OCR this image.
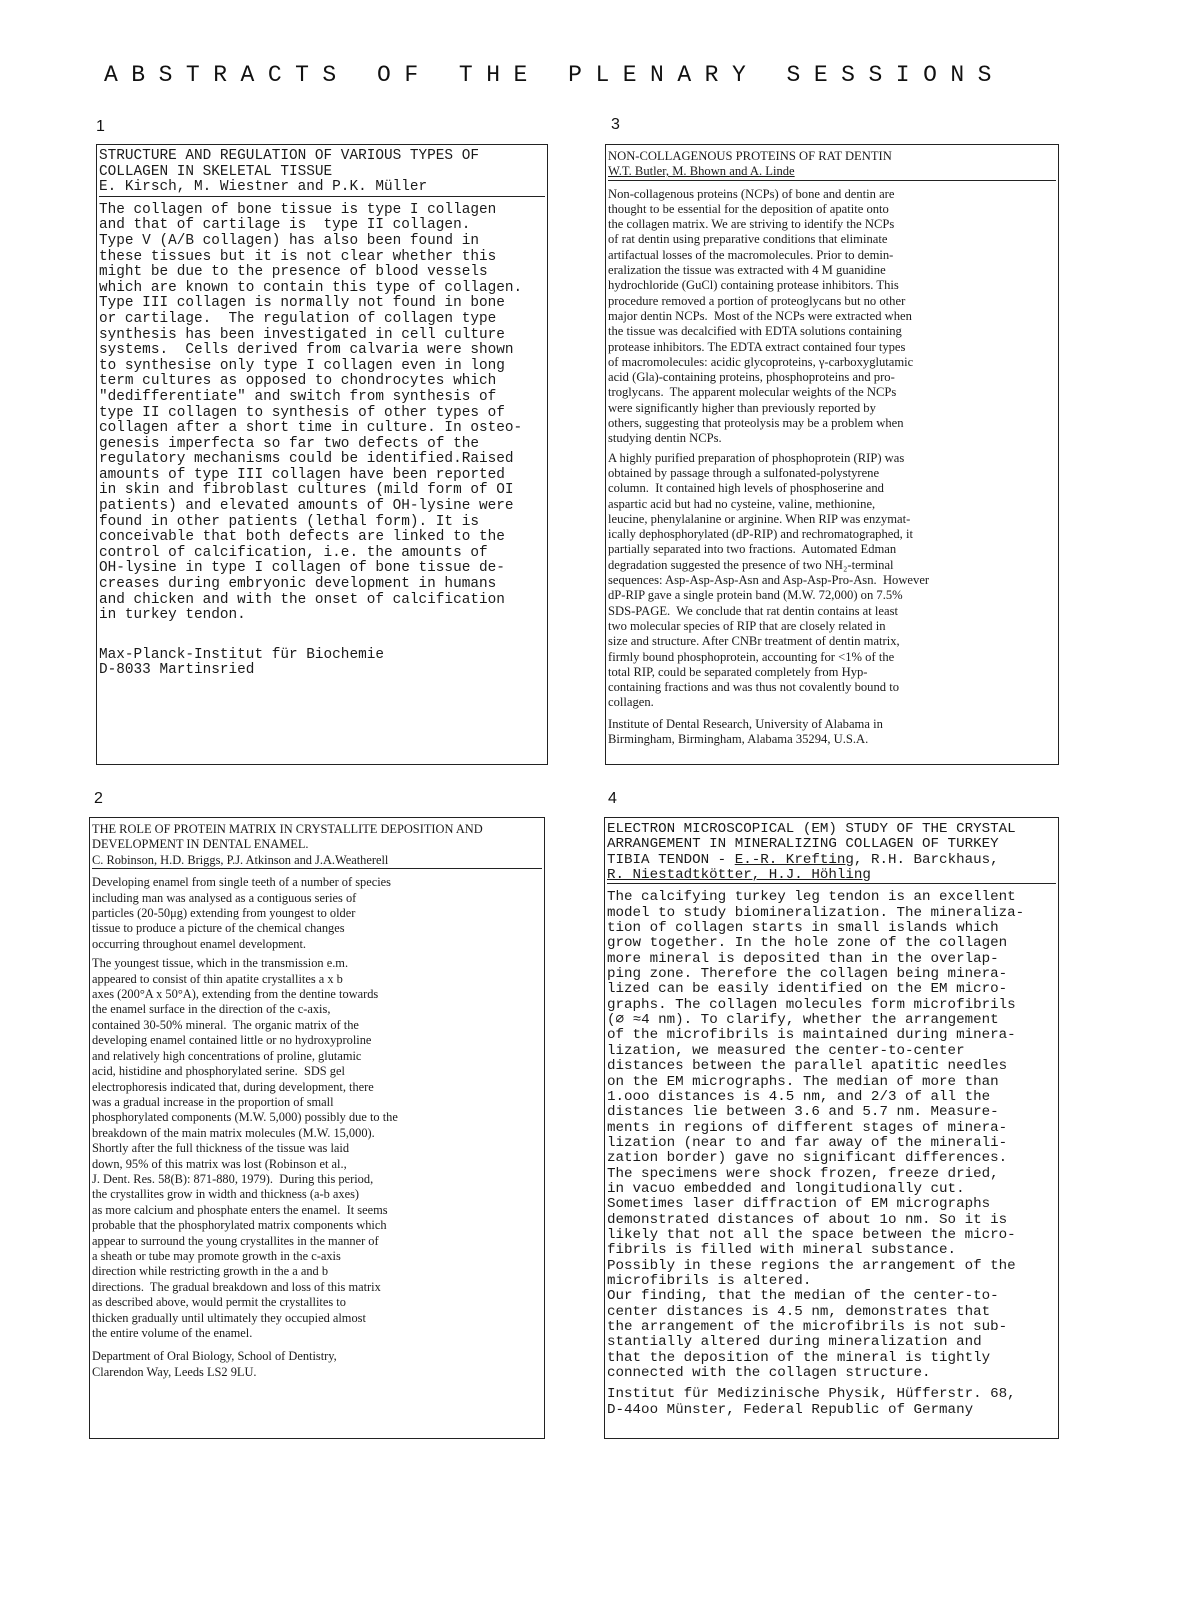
ABSTRACTS OF THE PLENARY SESSIONS
1
STRUCTURE AND REGULATION OF VARIOUS TYPES OF
COLLAGEN IN SKELETAL TISSUE
E. Kirsch, M. Wiestner and P.K. Müller
The collagen of bone tissue is type I collagen
and that of cartilage is  type II collagen.
Type V (A/B collagen) has also been found in
these tissues but it is not clear whether this
might be due to the presence of blood vessels
which are known to contain this type of collagen.
Type III collagen is normally not found in bone
or cartilage.  The regulation of collagen type
synthesis has been investigated in cell culture
systems.  Cells derived from calvaria were shown
to synthesise only type I collagen even in long
term cultures as opposed to chondrocytes which
"dedifferentiate" and switch from synthesis of
type II collagen to synthesis of other types of
collagen after a short time in culture. In osteo-
genesis imperfecta so far two defects of the
regulatory mechanisms could be identified.Raised
amounts of type III collagen have been reported
in skin and fibroblast cultures (mild form of OI
patients) and elevated amounts of OH-lysine were
found in other patients (lethal form). It is
conceivable that both defects are linked to the
control of calcification, i.e. the amounts of
OH-lysine in type I collagen of bone tissue de-
creases during embryonic development in humans
and chicken and with the onset of calcification
in turkey tendon.
Max-Planck-Institut für Biochemie
D-8033 Martinsried
3
NON-COLLAGENOUS PROTEINS OF RAT DENTIN
W.T. Butler, M. Bhown and A. Linde
Non-collagenous proteins (NCPs) of bone and dentin are
thought to be essential for the deposition of apatite onto
the collagen matrix. We are striving to identify the NCPs
of rat dentin using preparative conditions that eliminate
artifactual losses of the macromolecules. Prior to demin-
eralization the tissue was extracted with 4 M guanidine
hydrochloride (GuCl) containing protease inhibitors. This
procedure removed a portion of proteoglycans but no other
major dentin NCPs.  Most of the NCPs were extracted when
the tissue was decalcified with EDTA solutions containing
protease inhibitors. The EDTA extract contained four types
of macromolecules: acidic glycoproteins, γ-carboxyglutamic
acid (Gla)-containing proteins, phosphoproteins and pro-
troglycans.  The apparent molecular weights of the NCPs
were significantly higher than previously reported by
others, suggesting that proteolysis may be a problem when
studying dentin NCPs.
A highly purified preparation of phosphoprotein (RIP) was
obtained by passage through a sulfonated-polystyrene
column.  It contained high levels of phosphoserine and
aspartic acid but had no cysteine, valine, methionine,
leucine, phenylalanine or arginine. When RIP was enzymat-
ically dephosphorylated (dP-RIP) and rechromatographed, it
partially separated into two fractions.  Automated Edman
degradation suggested the presence of two NH₂-terminal
sequences: Asp-Asp-Asp-Asn and Asp-Asp-Pro-Asn.  However
dP-RIP gave a single protein band (M.W. 72,000) on 7.5%
SDS-PAGE.  We conclude that rat dentin contains at least
two molecular species of RIP that are closely related in
size and structure. After CNBr treatment of dentin matrix,
firmly bound phosphoprotein, accounting for <1% of the
total RIP, could be separated completely from Hyp-
containing fractions and was thus not covalently bound to
collagen.
Institute of Dental Research, University of Alabama in
Birmingham, Birmingham, Alabama 35294, U.S.A.
2
THE ROLE OF PROTEIN MATRIX IN CRYSTALLITE DEPOSITION AND
DEVELOPMENT IN DENTAL ENAMEL.
C. Robinson, H.D. Briggs, P.J. Atkinson and J.A.Weatherell
Developing enamel from single teeth of a number of species
including man was analysed as a contiguous series of
particles (20-50μg) extending from youngest to older
tissue to produce a picture of the chemical changes
occurring throughout enamel development.
The youngest tissue, which in the transmission e.m.
appeared to consist of thin apatite crystallites a x b
axes (200°A x 50°A), extending from the dentine towards
the enamel surface in the direction of the c-axis,
contained 30-50% mineral.  The organic matrix of the
developing enamel contained little or no hydroxyproline
and relatively high concentrations of proline, glutamic
acid, histidine and phosphorylated serine.  SDS gel
electrophoresis indicated that, during development, there
was a gradual increase in the proportion of small
phosphorylated components (M.W. 5,000) possibly due to the
breakdown of the main matrix molecules (M.W. 15,000).
Shortly after the full thickness of the tissue was laid
down, 95% of this matrix was lost (Robinson et al.,
J. Dent. Res. 58(B): 871-880, 1979).  During this period,
the crystallites grow in width and thickness (a-b axes)
as more calcium and phosphate enters the enamel.  It seems
probable that the phosphorylated matrix components which
appear to surround the young crystallites in the manner of
a sheath or tube may promote growth in the c-axis
direction while restricting growth in the a and b
directions.  The gradual breakdown and loss of this matrix
as described above, would permit the crystallites to
thicken gradually until ultimately they occupied almost
the entire volume of the enamel.
Department of Oral Biology, School of Dentistry,
Clarendon Way, Leeds LS2 9LU.
4
ELECTRON MICROSCOPICAL (EM) STUDY OF THE CRYSTAL
ARRANGEMENT IN MINERALIZING COLLAGEN OF TURKEY
TIBIA TENDON - E.-R. Krefting, R.H. Barckhaus,
R. Niestadtkötter, H.J. Höhling
The calcifying turkey leg tendon is an excellent
model to study biomineralization. The mineraliza-
tion of collagen starts in small islands which
grow together. In the hole zone of the collagen
more mineral is deposited than in the overlap-
ping zone. Therefore the collagen being minera-
lized can be easily identified on the EM micro-
graphs. The collagen molecules form microfibrils
(∅ ≈4 nm). To clarify, whether the arrangement
of the microfibrils is maintained during minera-
lization, we measured the center-to-center
distances between the parallel apatitic needles
on the EM micrographs. The median of more than
1.ooo distances is 4.5 nm, and 2/3 of all the
distances lie between 3.6 and 5.7 nm. Measure-
ments in regions of different stages of minera-
lization (near to and far away of the minerali-
zation border) gave no significant differences.
The specimens were shock frozen, freeze dried,
in vacuo embedded and longitudionally cut.
Sometimes laser diffraction of EM micrographs
demonstrated distances of about 1o nm. So it is
likely that not all the space between the micro-
fibrils is filled with mineral substance.
Possibly in these regions the arrangement of the
microfibrils is altered.
Our finding, that the median of the center-to-
center distances is 4.5 nm, demonstrates that
the arrangement of the microfibrils is not sub-
stantially altered during mineralization and
that the deposition of the mineral is tightly
connected with the collagen structure.
Institut für Medizinische Physik, Hüfferstr. 68,
D-44oo Münster, Federal Republic of Germany
